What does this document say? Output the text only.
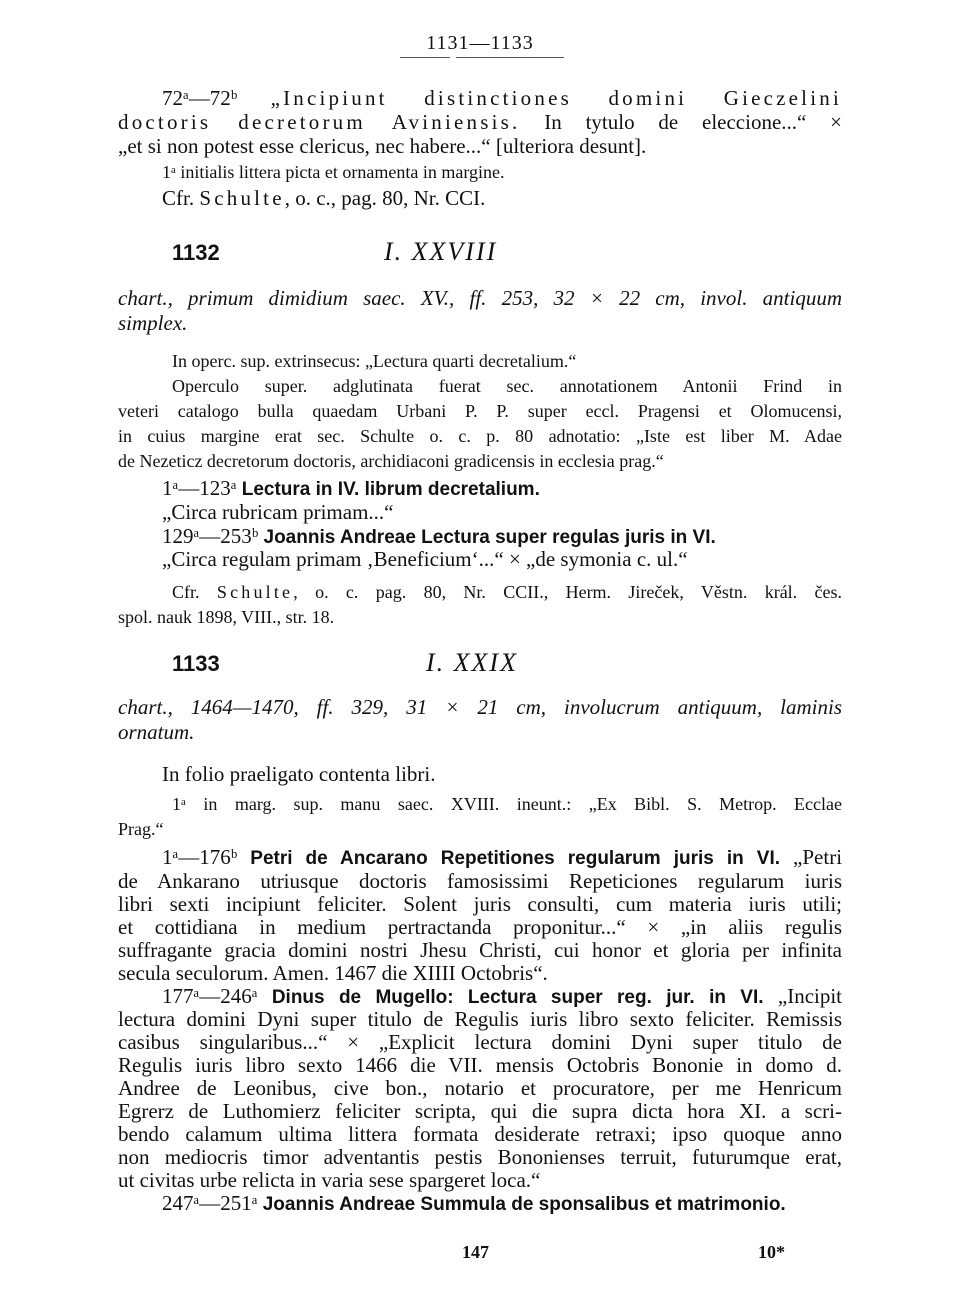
1131—1133
72ᵃ—72ᵇ „Incipiunt distinctiones domini Gieczelini
doctoris decretorum Aviniensis. In tytulo de eleccione...“ ×
„et si non potest esse clericus, nec habere...“ [ulteriora desunt].
1ᵃ initialis littera picta et ornamenta in margine.
Cfr. Schulte, o. c., pag. 80, Nr. CCI.
1132	I. XXVIII
chart., primum dimidium saec. XV., ff. 253, 32 × 22 cm, invol. antiquum
simplex.
In operc. sup. extrinsecus: „Lectura quarti decretalium.“
Operculo super. adglutinata fuerat sec. annotationem Antonii Frind in
veteri catalogo bulla quaedam Urbani P. P. super eccl. Pragensi et Olomucensi,
in cuius margine erat sec. Schulte o. c. p. 80 adnotatio: „Iste est liber M. Adae
de Nezeticz decretorum doctoris, archidiaconi gradicensis in ecclesia prag.“
1ᵃ—123ᵃ Lectura in IV. librum decretalium.
„Circa rubricam primam...“
129ᵃ—253ᵇ Joannis Andreae Lectura super regulas juris in VI.
„Circa regulam primam ‚Beneficium‘...“ × „de symonia c. ul.“
Cfr. Schulte, o. c. pag. 80, Nr. CCII., Herm. Jireček, Věstn. král. čes.
spol. nauk 1898, VIII., str. 18.
1133	I. XXIX
chart., 1464—1470, ff. 329, 31 × 21 cm, involucrum antiquum, laminis
ornatum.
In folio praeligato contenta libri.
1ᵃ in marg. sup. manu saec. XVIII. ineunt.: „Ex Bibl. S. Metrop. Ecclae
Prag.“
1ᵃ—176ᵇ Petri de Ancarano Repetitiones regularum juris in VI. „Petri
de Ankarano utriusque doctoris famosissimi Repeticiones regularum iuris
libri sexti incipiunt feliciter. Solent juris consulti, cum materia iuris utili;
et cottidiana in medium pertractanda proponitur...“ × „in aliis regulis
suffragante gracia domini nostri Jhesu Christi, cui honor et gloria per infinita
secula seculorum. Amen. 1467 die XIIII Octobris“.
177ᵃ—246ᵃ Dinus de Mugello: Lectura super reg. jur. in VI. „Incipit
lectura domini Dyni super titulo de Regulis iuris libro sexto feliciter. Remissis
casibus singularibus...“ × „Explicit lectura domini Dyni super titulo de
Regulis iuris libro sexto 1466 die VII. mensis Octobris Bononie in domo d.
Andree de Leonibus, cive bon., notario et procuratore, per me Henricum
Egrerz de Luthomierz feliciter scripta, qui die supra dicta hora XI. a scri-
bendo calamum ultima littera formata desiderate retraxi; ipso quoque anno
non mediocris timor adventantis pestis Bononienses terruit, futurumque erat,
ut civitas urbe relicta in varia sese spargeret loca.“
247ᵃ—251ᵃ Joannis Andreae Summula de sponsalibus et matrimonio.
147	10*
